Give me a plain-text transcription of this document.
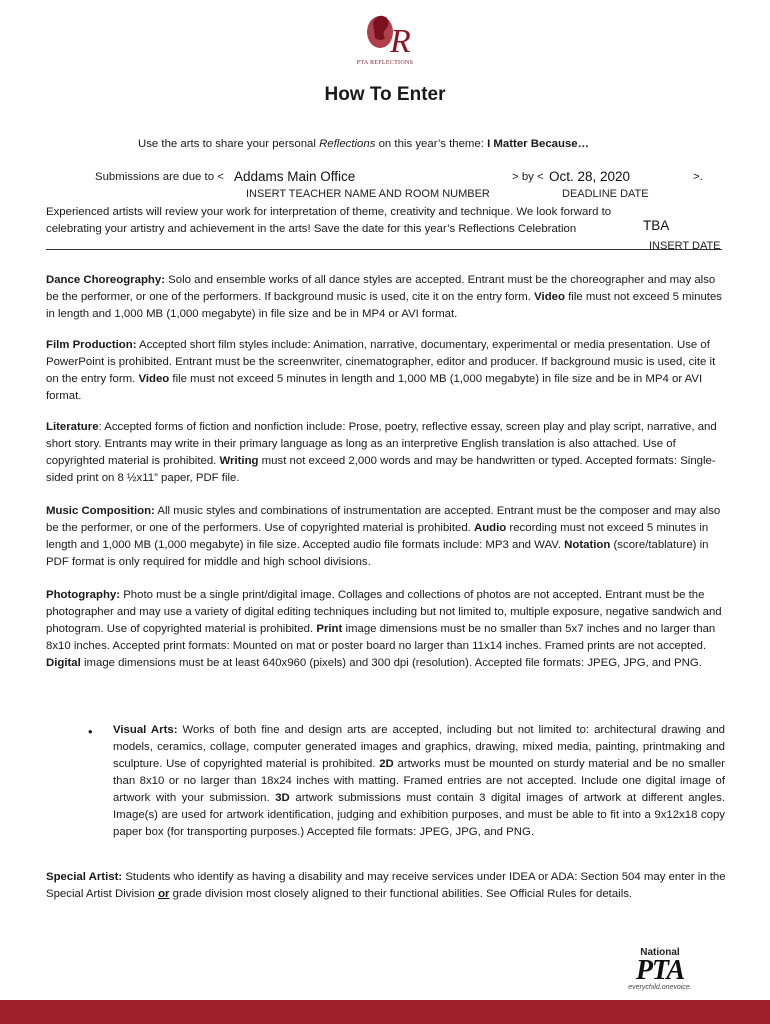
R
PTA REFLECTIONS
How To Enter
Use the arts to share your personal Reflections on this year’s theme: I Matter Because…
Submissions are due to < Addams Main Office	> by < Oct. 28, 2020	>.
INSERT TEACHER NAME AND ROOM NUMBER	DEADLINE DATE
Experienced artists will review your work for interpretation of theme, creativity and technique. We look forward to
celebrating your artistry and achievement in the arts! Save the date for this year’s Reflections Celebration	TBA
INSERT DATE
Dance Choreography: Solo and ensemble works of all dance styles are accepted. Entrant must be the choreographer and may also be the performer, or one of the performers. If background music is used, cite it on the entry form. Video file must not exceed 5 minutes in length and 1,000 MB (1,000 megabyte) in file size and be in MP4 or AVI format.
Film Production: Accepted short film styles include: Animation, narrative, documentary, experimental or media presentation. Use of PowerPoint is prohibited. Entrant must be the screenwriter, cinematographer, editor and producer. If background music is used, cite it on the entry form. Video file must not exceed 5 minutes in length and 1,000 MB (1,000 megabyte) in file size and be in MP4 or AVI format.
Literature: Accepted forms of fiction and nonfiction include: Prose, poetry, reflective essay, screen play and play script, narrative, and short story. Entrants may write in their primary language as long as an interpretive English translation is also attached. Use of copyrighted material is prohibited. Writing must not exceed 2,000 words and may be handwritten or typed. Accepted formats: Single-sided print on 8 ½x11” paper, PDF file.
Music Composition: All music styles and combinations of instrumentation are accepted. Entrant must be the composer and may also be the performer, or one of the performers. Use of copyrighted material is prohibited. Audio recording must not exceed 5 minutes in length and 1,000 MB (1,000 megabyte) in file size. Accepted audio file formats include: MP3 and WAV. Notation (score/tablature) in PDF format is only required for middle and high school divisions.
Photography: Photo must be a single print/digital image. Collages and collections of photos are not accepted. Entrant must be the photographer and may use a variety of digital editing techniques including but not limited to, multiple exposure, negative sandwich and photogram. Use of copyrighted material is prohibited. Print image dimensions must be no smaller than 5x7 inches and no larger than 8x10 inches. Accepted print formats: Mounted on mat or poster board no larger than 11x14 inches. Framed prints are not accepted. Digital image dimensions must be at least 640x960 (pixels) and 300 dpi (resolution). Accepted file formats: JPEG, JPG, and PNG.
• Visual Arts: Works of both fine and design arts are accepted, including but not limited to: architectural drawing and models, ceramics, collage, computer generated images and graphics, drawing, mixed media, painting, printmaking and sculpture. Use of copyrighted material is prohibited. 2D artworks must be mounted on sturdy material and be no smaller than 8x10 or no larger than 18x24 inches with matting. Framed entries are not accepted. Include one digital image of artwork with your submission. 3D artwork submissions must contain 3 digital images of artwork at different angles. Image(s) are used for artwork identification, judging and exhibition purposes, and must be able to fit into a 9x12x18 copy paper box (for transporting purposes.) Accepted file formats: JPEG, JPG, and PNG.
Special Artist: Students who identify as having a disability and may receive services under IDEA or ADA: Section 504 may enter in the Special Artist Division or grade division most closely aligned to their functional abilities. See Official Rules for details.
National
PTA
everychild.onevoice.
